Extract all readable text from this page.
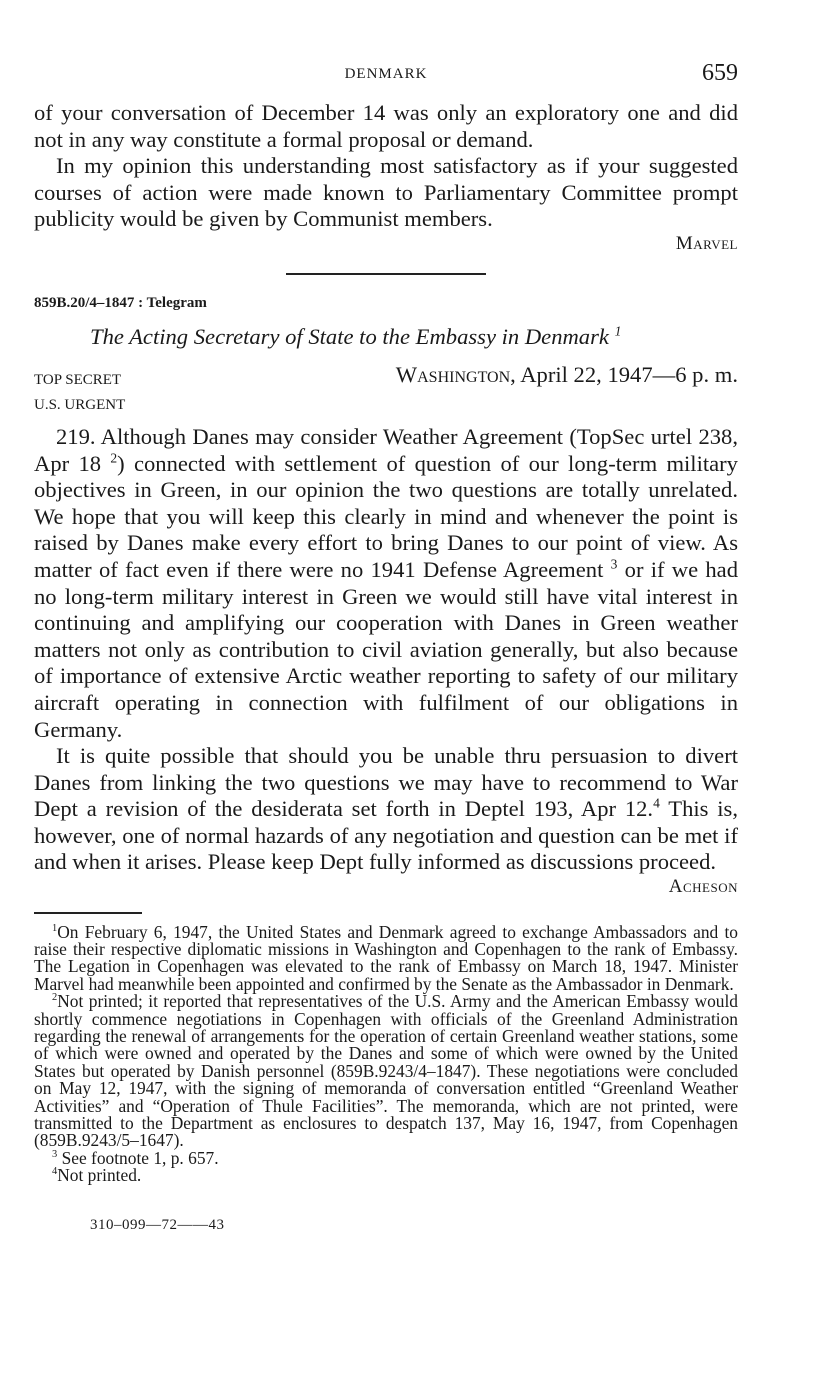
DENMARK	659

of your conversation of December 14 was only an exploratory one and did not in any way constitute a formal proposal or demand.

In my opinion this understanding most satisfactory as if your suggested courses of action were made known to Parliamentary Committee prompt publicity would be given by Communist members.

Marvel

859B.20/4–1847 : Telegram

The Acting Secretary of State to the Embassy in Denmark $^1$

TOP SECRET
U.S. URGENT
Washington, April 22, 1947—6 p. m.

219. Although Danes may consider Weather Agreement (TopSec urtel 238, Apr 18 $^2$) connected with settlement of question of our long-term military objectives in Green, in our opinion the two questions are totally unrelated. We hope that you will keep this clearly in mind and whenever the point is raised by Danes make every effort to bring Danes to our point of view. As matter of fact even if there were no 1941 Defense Agreement $^3$ or if we had no long-term military interest in Green we would still have vital interest in continuing and amplifying our cooperation with Danes in Green weather matters not only as contribution to civil aviation generally, but also because of importance of extensive Arctic weather reporting to safety of our military aircraft operating in connection with fulfilment of our obligations in Germany.

It is quite possible that should you be unable thru persuasion to divert Danes from linking the two questions we may have to recommend to War Dept a revision of the desiderata set forth in Deptel 193, Apr 12.$^4$ This is, however, one of normal hazards of any negotiation and question can be met if and when it arises. Please keep Dept fully informed as discussions proceed.

Acheson

$^1$On February 6, 1947, the United States and Denmark agreed to exchange Ambassadors and to raise their respective diplomatic missions in Washington and Copenhagen to the rank of Embassy. The Legation in Copenhagen was elevated to the rank of Embassy on March 18, 1947. Minister Marvel had meanwhile been appointed and confirmed by the Senate as the Ambassador in Denmark.

$^2$Not printed; it reported that representatives of the U.S. Army and the American Embassy would shortly commence negotiations in Copenhagen with officials of the Greenland Administration regarding the renewal of arrangements for the operation of certain Greenland weather stations, some of which were owned and operated by the Danes and some of which were owned by the United States but operated by Danish personnel (859B.9243/4–1847). These negotiations were concluded on May 12, 1947, with the signing of memoranda of conversation entitled “Greenland Weather Activities” and “Operation of Thule Facilities”. The memoranda, which are not printed, were transmitted to the Department as enclosures to despatch 137, May 16, 1947, from Copenhagen (859B.9243/5–1647).

$^3$ See footnote 1, p. 657.

$^4$Not printed.

310–099—72——43
